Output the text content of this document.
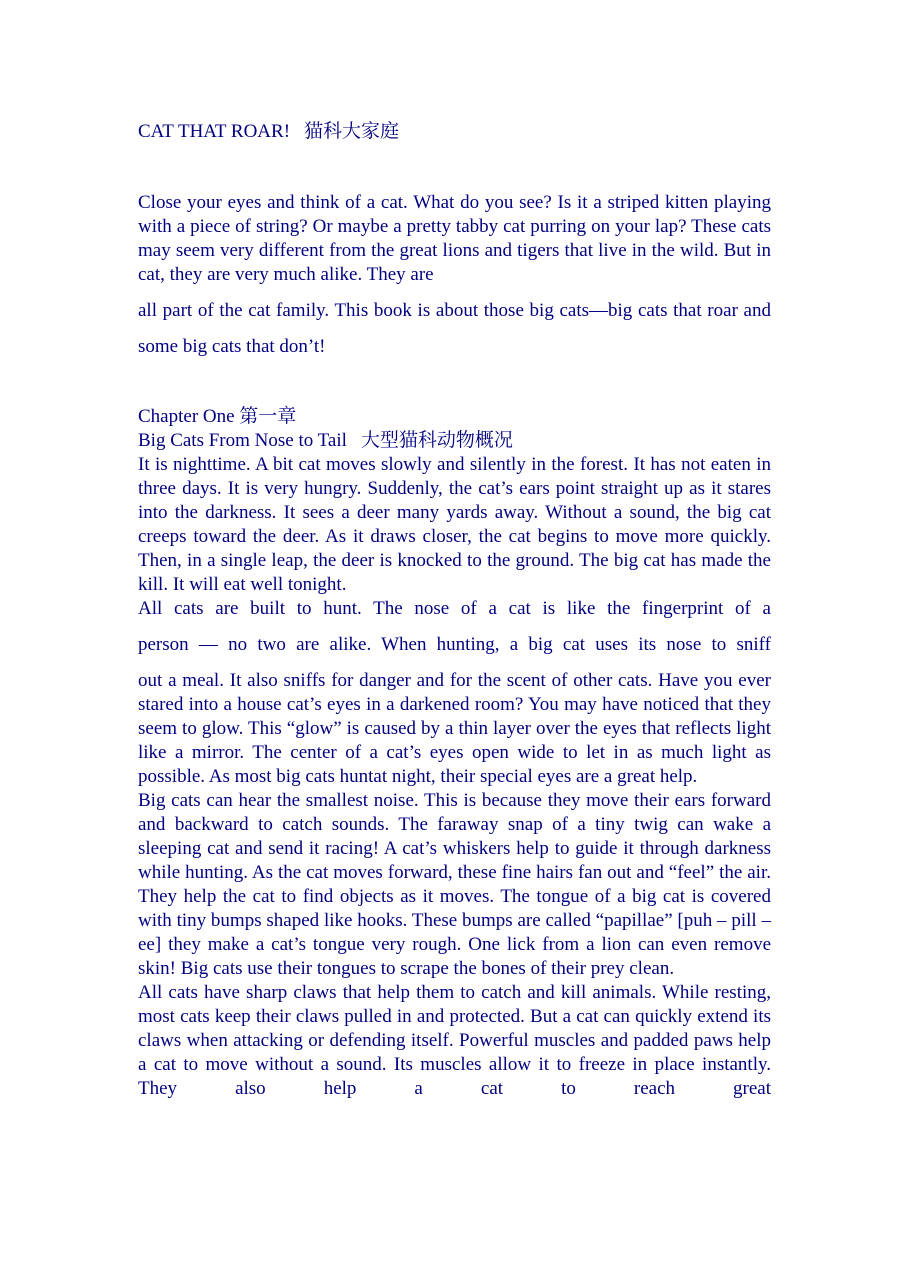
CAT THAT ROAR! 猫科大家庭

Close your eyes and think of a cat. What do you see? Is it a striped kitten playing with a piece of string? Or maybe a pretty tabby cat purring on your lap? These cats may seem very different from the great lions and tigers that live in the wild. But in cat, they are very much alike. They are

all part of the cat family. This book is about those big cats—big cats that roar and some big cats that don’t!

Chapter One 第一章
Big Cats From Nose to Tail 大型猫科动物概况

It is nighttime. A bit cat moves slowly and silently in the forest. It has not eaten in three days. It is very hungry. Suddenly, the cat’s ears point straight up as it stares into the darkness. It sees a deer many yards away. Without a sound, the big cat creeps toward the deer. As it draws closer, the cat begins to move more quickly. Then, in a single leap, the deer is knocked to the ground. The big cat has made the kill. It will eat well tonight.

All cats are built to hunt. The nose of a cat is like the fingerprint of a

person — no two are alike. When hunting, a big cat uses its nose to sniff

out a meal. It also sniffs for danger and for the scent of other cats. Have you ever stared into a house cat’s eyes in a darkened room? You may have noticed that they seem to glow. This “glow” is caused by a thin layer over the eyes that reflects light like a mirror. The center of a cat’s eyes open wide to let in as much light as possible. As most big cats huntat night, their special eyes are a great help.

Big cats can hear the smallest noise. This is because they move their ears forward and backward to catch sounds. The faraway snap of a tiny twig can wake a sleeping cat and send it racing! A cat’s whiskers help to guide it through darkness while hunting. As the cat moves forward, these fine hairs fan out and “feel” the air. They help the cat to find objects as it moves. The tongue of a big cat is covered with tiny bumps shaped like hooks. These bumps are called “papillae” [puh – pill – ee] they make a cat’s tongue very rough. One lick from a lion can even remove skin! Big cats use their tongues to scrape the bones of their prey clean.

All cats have sharp claws that help them to catch and kill animals. While resting, most cats keep their claws pulled in and protected. But a cat can quickly extend its claws when attacking or defending itself. Powerful muscles and padded paws help a cat to move without a sound. Its muscles allow it to freeze in place instantly. They also help a cat to reach great
